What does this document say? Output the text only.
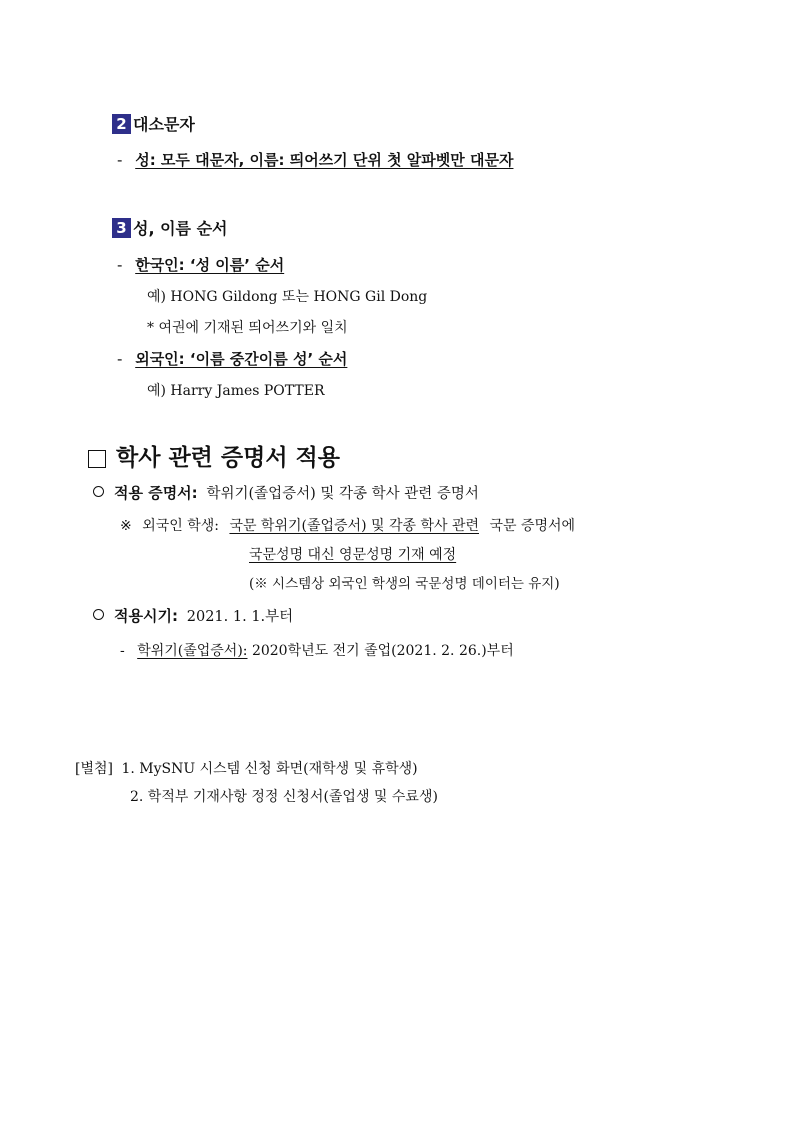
2 대소문자
- 성: 모두 대문자, 이름: 띄어쓰기 단위 첫 알파벳만 대문자
3 성, 이름 순서
- 한국인: ‘성 이름’ 순서
예) HONG Gildong 또는 HONG Gil Dong
* 여권에 기재된 띄어쓰기와 일치
- 외국인: ‘이름 중간이름 성’ 순서
예) Harry James POTTER
학사 관련 증명서 적용
적용 증명서: 학위기(졸업증서) 및 각종 학사 관련 증명서
※ 외국인 학생: 국문 학위기(졸업증서) 및 각종 학사 관련 국문 증명서에
국문성명 대신 영문성명 기재 예정
(※ 시스템상 외국인 학생의 국문성명 데이터는 유지)
적용시기: 2021. 1. 1.부터
- 학위기(졸업증서): 2020학년도 전기 졸업(2021. 2. 26.)부터
[별첨] 1. MySNU 시스템 신청 화면(재학생 및 휴학생)
2. 학적부 기재사항 정정 신청서(졸업생 및 수료생)
